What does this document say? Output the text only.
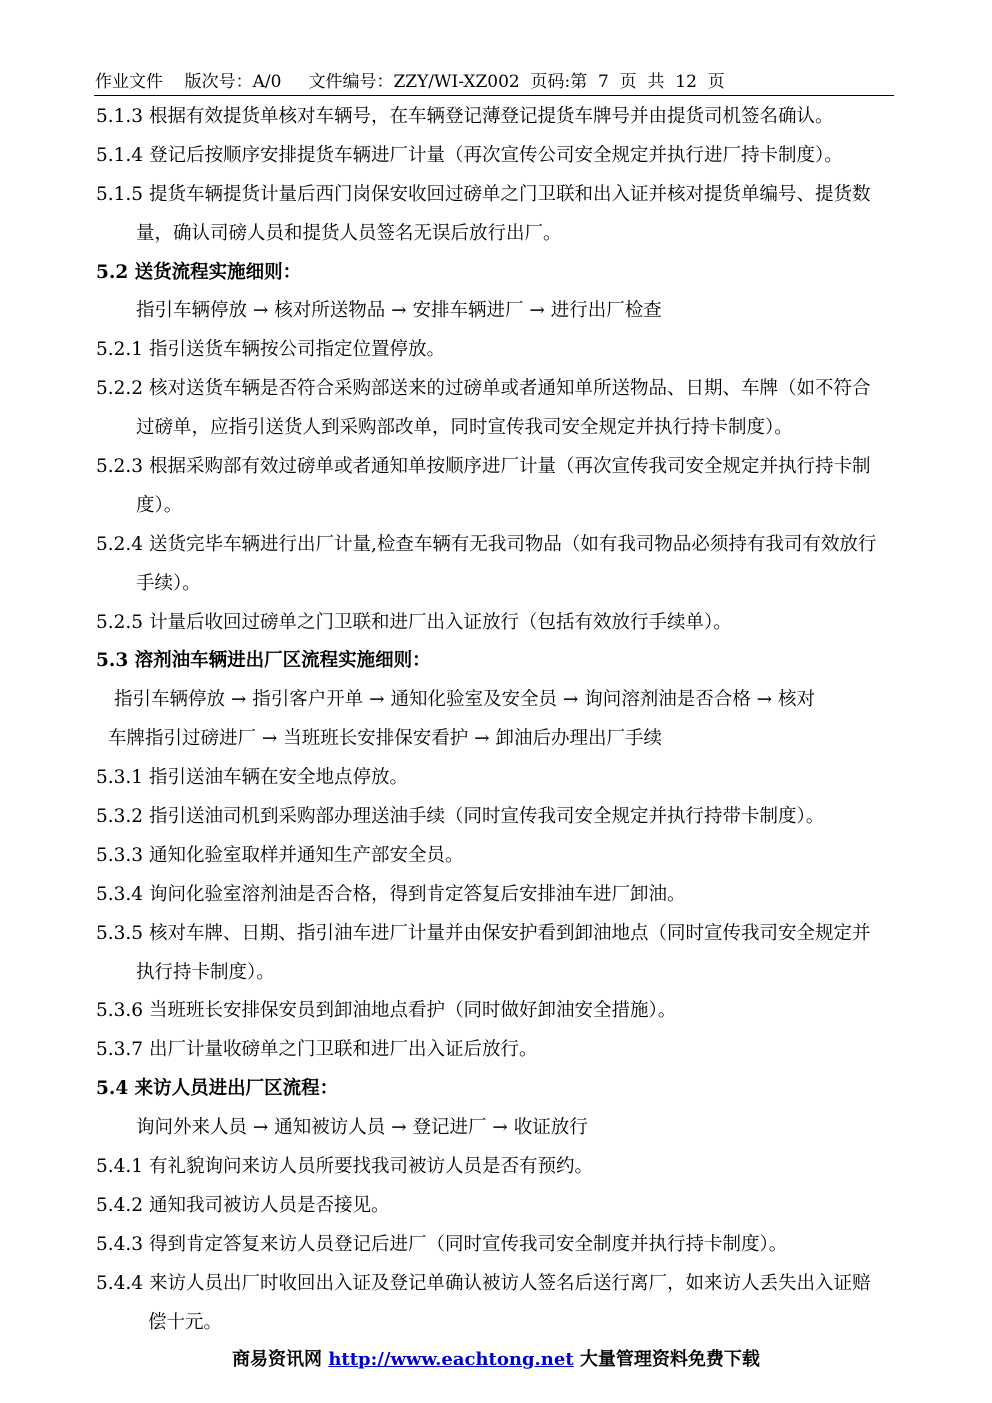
作业文件    版次号：A/0     文件编号：ZZY/WI-XZ002  页码:第  7  页  共  12  页
5.1.3 根据有效提货单核对车辆号，在车辆登记薄登记提货车牌号并由提货司机签名确认。
5.1.4 登记后按顺序安排提货车辆进厂计量（再次宣传公司安全规定并执行进厂持卡制度）。
5.1.5 提货车辆提货计量后西门岗保安收回过磅单之门卫联和出入证并核对提货单编号、提货数
量，确认司磅人员和提货人员签名无误后放行出厂。
5.2 送货流程实施细则：
指引车辆停放 → 核对所送物品 → 安排车辆进厂 → 进行出厂检查
5.2.1 指引送货车辆按公司指定位置停放。
5.2.2 核对送货车辆是否符合采购部送来的过磅单或者通知单所送物品、日期、车牌（如不符合
过磅单，应指引送货人到采购部改单，同时宣传我司安全规定并执行持卡制度）。
5.2.3 根据采购部有效过磅单或者通知单按顺序进厂计量（再次宣传我司安全规定并执行持卡制
度）。
5.2.4 送货完毕车辆进行出厂计量,检查车辆有无我司物品（如有我司物品必须持有我司有效放行
手续）。
5.2.5 计量后收回过磅单之门卫联和进厂出入证放行（包括有效放行手续单）。
5.3 溶剂油车辆进出厂区流程实施细则：
指引车辆停放 → 指引客户开单 → 通知化验室及安全员 → 询问溶剂油是否合格 → 核对
车牌指引过磅进厂 → 当班班长安排保安看护 → 卸油后办理出厂手续
5.3.1 指引送油车辆在安全地点停放。
5.3.2 指引送油司机到采购部办理送油手续（同时宣传我司安全规定并执行持带卡制度）。
5.3.3 通知化验室取样并通知生产部安全员。
5.3.4 询问化验室溶剂油是否合格，得到肯定答复后安排油车进厂卸油。
5.3.5 核对车牌、日期、指引油车进厂计量并由保安护看到卸油地点（同时宣传我司安全规定并
执行持卡制度）。
5.3.6 当班班长安排保安员到卸油地点看护（同时做好卸油安全措施）。
5.3.7 出厂计量收磅单之门卫联和进厂出入证后放行。
5.4 来访人员进出厂区流程：
询问外来人员 → 通知被访人员 → 登记进厂 → 收证放行
5.4.1 有礼貌询问来访人员所要找我司被访人员是否有预约。
5.4.2 通知我司被访人员是否接见。
5.4.3 得到肯定答复来访人员登记后进厂（同时宣传我司安全制度并执行持卡制度）。
5.4.4 来访人员出厂时收回出入证及登记单确认被访人签名后送行离厂，如来访人丢失出入证赔
偿十元。
商易资讯网 http://www.eachtong.net 大量管理资料免费下载
